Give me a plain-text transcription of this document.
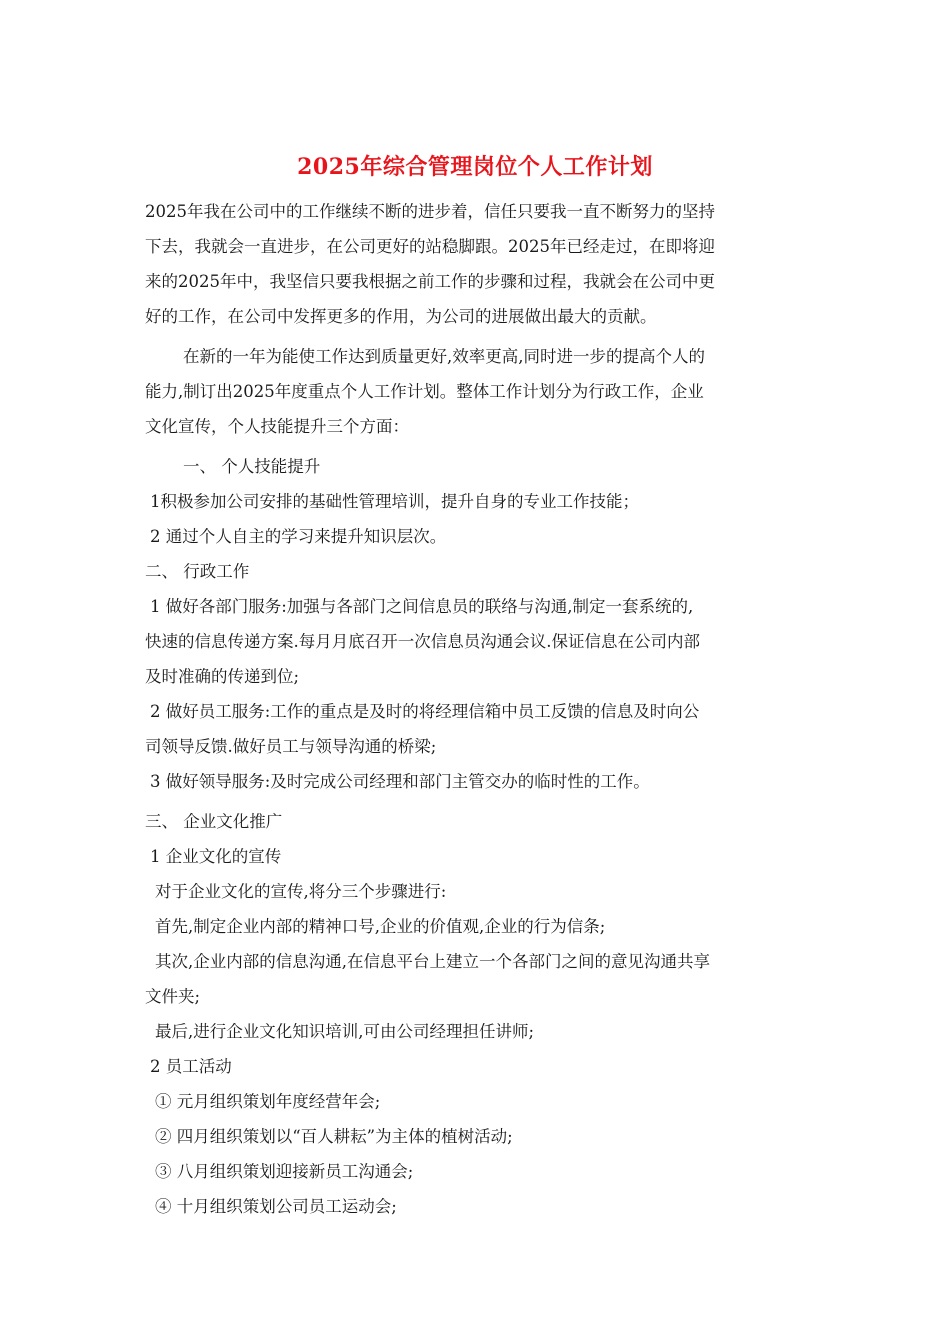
2025年综合管理岗位个人工作计划
2025年我在公司中的工作继续不断的进步着，信任只要我一直不断努力的坚持
下去，我就会一直进步，在公司更好的站稳脚跟。2025年已经走过，在即将迎
来的2025年中，我坚信只要我根据之前工作的步骤和过程，我就会在公司中更
好的工作，在公司中发挥更多的作用，为公司的进展做出最大的贡献。
在新的一年为能使工作达到质量更好,效率更高,同时进一步的提高个人的
能力,制订出2025年度重点个人工作计划。整体工作计划分为行政工作，企业
文化宣传，个人技能提升三个方面：
一、 个人技能提升
1积极参加公司安排的基础性管理培训，提升自身的专业工作技能；
2 通过个人自主的学习来提升知识层次。
二、 行政工作
1 做好各部门服务:加强与各部门之间信息员的联络与沟通,制定一套系统的,
快速的信息传递方案.每月月底召开一次信息员沟通会议.保证信息在公司内部
及时准确的传递到位;
2 做好员工服务:工作的重点是及时的将经理信箱中员工反馈的信息及时向公
司领导反馈.做好员工与领导沟通的桥梁;
3 做好领导服务:及时完成公司经理和部门主管交办的临时性的工作。
三、 企业文化推广
1 企业文化的宣传
对于企业文化的宣传,将分三个步骤进行:
首先,制定企业内部的精神口号,企业的价值观,企业的行为信条;
其次,企业内部的信息沟通,在信息平台上建立一个各部门之间的意见沟通共享
文件夹;
最后,进行企业文化知识培训,可由公司经理担任讲师;
2 员工活动
① 元月组织策划年度经营年会;
② 四月组织策划以“百人耕耘”为主体的植树活动;
③ 八月组织策划迎接新员工沟通会;
④ 十月组织策划公司员工运动会;
